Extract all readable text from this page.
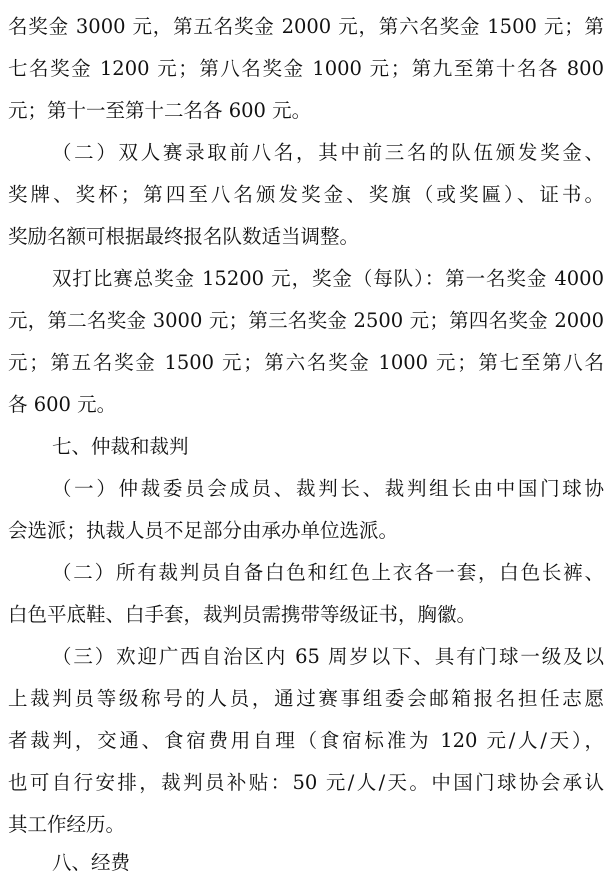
名奖金 3000 元，第五名奖金 2000 元，第六名奖金 1500 元；第
七名奖金 1200 元；第八名奖金 1000 元；第九至第十名各 800
元；第十一至第十二名各 600 元。
（二）双人赛录取前八名，其中前三名的队伍颁发奖金、
奖牌、奖杯；第四至八名颁发奖金、奖旗（或奖匾）、证书。
奖励名额可根据最终报名队数适当调整。
双打比赛总奖金 15200 元，奖金（每队）：第一名奖金 4000
元，第二名奖金 3000 元；第三名奖金 2500 元；第四名奖金 2000
元；第五名奖金 1500 元；第六名奖金 1000 元；第七至第八名
各 600 元。
七、仲裁和裁判
（一）仲裁委员会成员、裁判长、裁判组长由中国门球协
会选派；执裁人员不足部分由承办单位选派。
（二）所有裁判员自备白色和红色上衣各一套，白色长裤、
白色平底鞋、白手套，裁判员需携带等级证书，胸徽。
（三）欢迎广西自治区内 65 周岁以下、具有门球一级及以
上裁判员等级称号的人员，通过赛事组委会邮箱报名担任志愿
者裁判，交通、食宿费用自理（食宿标准为 120 元/人/天），
也可自行安排，裁判员补贴：50 元/人/天。中国门球协会承认
其工作经历。
八、经费
